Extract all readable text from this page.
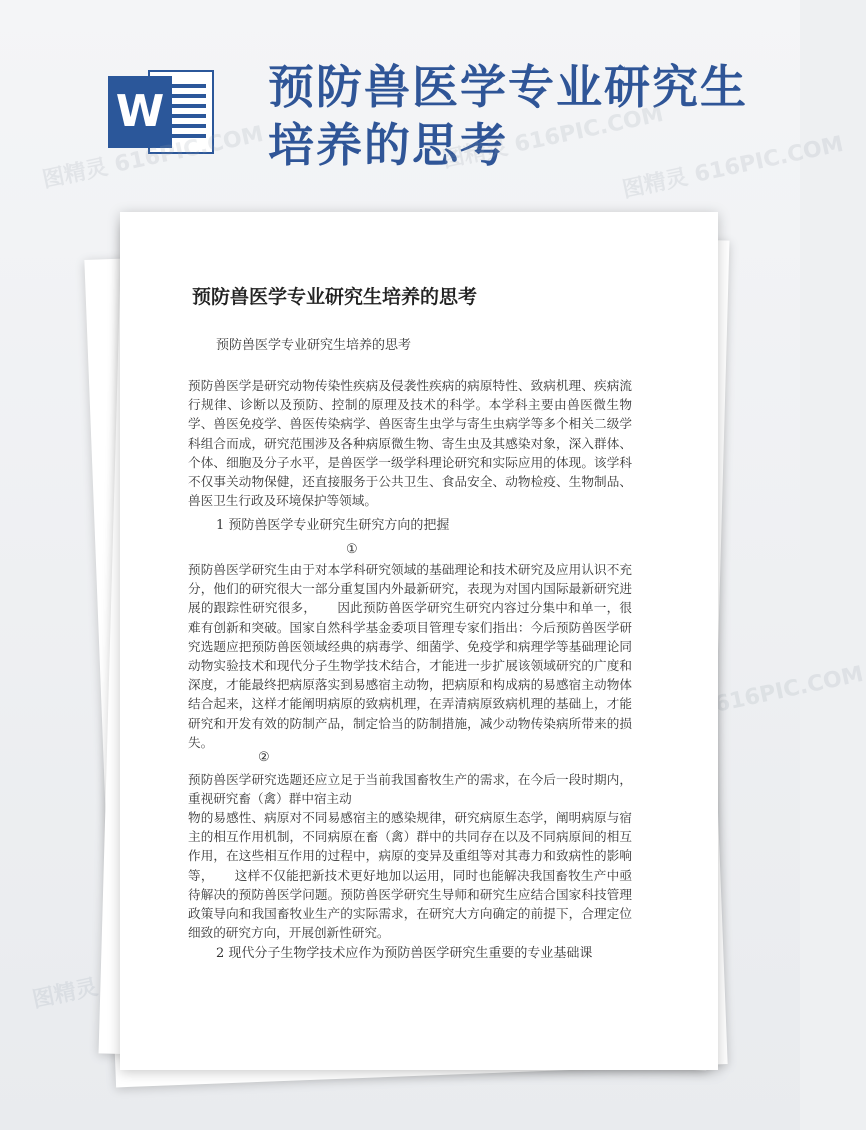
W 预防兽医学专业研究生
培养的思考
预防兽医学专业研究生培养的思考
预防兽医学专业研究生培养的思考
预防兽医学是研究动物传染性疾病及侵袭性疾病的病原特性、致病机理、疾病流行规律、诊断以及预防、控制的原理及技术的科学。本学科主要由兽医微生物学、兽医免疫学、兽医传染病学、兽医寄生虫学与寄生虫病学等多个相关二级学科组合而成，研究范围涉及各种病原微生物、寄生虫及其感染对象，深入群体、个体、细胞及分子水平，是兽医学一级学科理论研究和实际应用的体现。该学科不仅事关动物保健，还直接服务于公共卫生、食品安全、动物检疫、生物制品、兽医卫生行政及环境保护等领域。
1 预防兽医学专业研究生研究方向的把握
①
预防兽医学研究生由于对本学科研究领域的基础理论和技术研究及应用认识不充分，他们的研究很大一部分重复国内外最新研究，表现为对国内国际最新研究进展的跟踪性研究很多，     因此预防兽医学研究生研究内容过分集中和单一，很难有创新和突破。国家自然科学基金委项目管理专家们指出：今后预防兽医学研究选题应把预防兽医领域经典的病毒学、细菌学、免疫学和病理学等基础理论同动物实验技术和现代分子生物学技术结合，才能进一步扩展该领域研究的广度和深度，才能最终把病原落实到易感宿主动物，把病原和构成病的易感宿主动物体结合起来，这样才能阐明病原的致病机理，在弄清病原致病机理的基础上，才能研究和开发有效的防制产品，制定恰当的防制措施，减少动物传染病所带来的损失。
②
预防兽医学研究选题还应立足于当前我国畜牧生产的需求，在今后一段时期内，重视研究畜（禽）群中宿主动
物的易感性、病原对不同易感宿主的感染规律，研究病原生态学，阐明病原与宿主的相互作用机制，不同病原在畜（禽）群中的共同存在以及不同病原间的相互作用，在这些相互作用的过程中，病原的变异及重组等对其毒力和致病性的影响等，     这样不仅能把新技术更好地加以运用，同时也能解决我国畜牧生产中亟待解决的预防兽医学问题。预防兽医学研究生导师和研究生应结合国家科技管理政策导向和我国畜牧业生产的实际需求，在研究大方向确定的前提下，合理定位细致的研究方向，开展创新性研究。
2 现代分子生物学技术应作为预防兽医学研究生重要的专业基础课
